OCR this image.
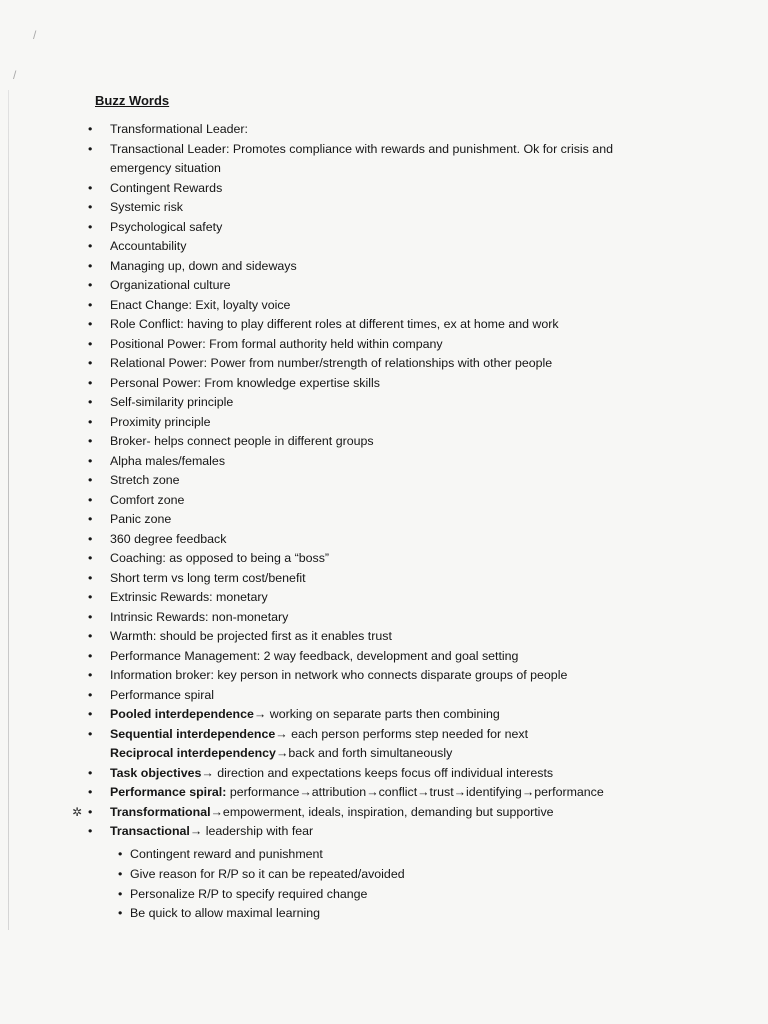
/
/
Buzz Words
•	Transformational Leader:
•	Transactional Leader: Promotes compliance with rewards and punishment. Ok for crisis and
emergency situation
•	Contingent Rewards
•	Systemic risk
•	Psychological safety
•	Accountability
•	Managing up, down and sideways
•	Organizational culture
•	Enact Change: Exit, loyalty voice
•	Role Conflict: having to play different roles at different times, ex at home and work
•	Positional Power: From formal authority held within company
•	Relational Power: Power from number/strength of relationships with other people
•	Personal Power: From knowledge expertise skills
•	Self-similarity principle
•	Proximity principle
•	Broker- helps connect people in different groups
•	Alpha males/females
•	Stretch zone
•	Comfort zone
•	Panic zone
•	360 degree feedback
•	Coaching: as opposed to being a “boss”
•	Short term vs long term cost/benefit
•	Extrinsic Rewards: monetary
•	Intrinsic Rewards: non-monetary
•	Warmth: should be projected first as it enables trust
•	Performance Management: 2 way feedback, development and goal setting
•	Information broker: key person in network who connects disparate groups of people
•	Performance spiral
•	Pooled interdependence→ working on separate parts then combining
•	Sequential interdependence→ each person performs step needed for next
Reciprocal interdependency→back and forth simultaneously
•	Task objectives→ direction and expectations keeps focus off individual interests
•	Performance spiral: performance→attribution→conflict→trust→identifying→performance
•
✲ Transformational→empowerment, ideals, inspiration, demanding but supportive
•	Transactional→ leadership with fear
• Contingent reward and punishment
• Give reason for R/P so it can be repeated/avoided
• Personalize R/P to specify required change
• Be quick to allow maximal learning
